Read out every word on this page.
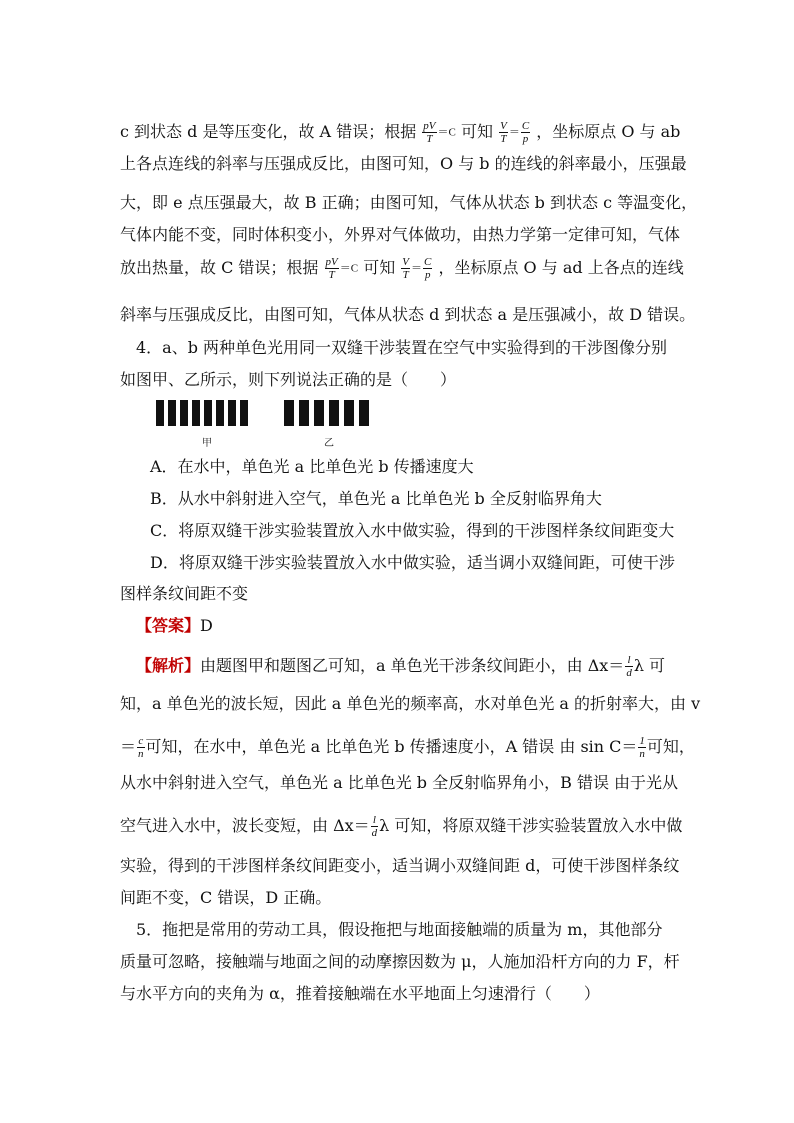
c 到状态 d 是等压变化，故 A 错误；根据 $\frac{pV}{T} =C$ 可知 $\frac{V}{T} = \frac{C}{p}$ ，坐标原点 O 与 ab
上各点连线的斜率与压强成反比，由图可知，O 与 b 的连线的斜率最小，压强最
大，即 e 点压强最大，故 B 正确；由图可知，气体从状态 b 到状态 c 等温变化，
气体内能不变，同时体积变小，外界对气体做功，由热力学第一定律可知，气体
放出热量，故 C 错误；根据 $\frac{pV}{T} =C$ 可知 $\frac{V}{T} = \frac{C}{p}$ ，坐标原点 O 与 ad 上各点的连线
斜率与压强成反比，由图可知，气体从状态 d 到状态 a 是压强减小，故 D 错误。
4．a、b 两种单色光用同一双缝干涉装置在空气中实验得到的干涉图像分别
如图甲、乙所示，则下列说法正确的是（　　）
甲	乙
A．在水中，单色光 a 比单色光 b 传播速度大
B．从水中斜射进入空气，单色光 a 比单色光 b 全反射临界角大
C．将原双缝干涉实验装置放入水中做实验，得到的干涉图样条纹间距变大
D．将原双缝干涉实验装置放入水中做实验，适当调小双缝间距，可使干涉
图样条纹间距不变
【答案】D
【解析】由题图甲和题图乙可知，a 单色光干涉条纹间距小，由 $\Delta x= \frac{l}{d}$ λ 可
知，a 单色光的波长短，因此 a 单色光的频率高，水对单色光 a 的折射率大，由 v
＝ $\frac{c}{n}$ 可知，在水中，单色光 a 比单色光 b 传播速度小，A 错误 由 $\sin C= \frac{1}{n}$ 可知，
从水中斜射进入空气，单色光 a 比单色光 b 全反射临界角小，B 错误 由于光从
空气进入水中，波长变短，由 $\Delta x= \frac{l}{d}$ λ 可知，将原双缝干涉实验装置放入水中做
实验，得到的干涉图样条纹间距变小，适当调小双缝间距 d，可使干涉图样条纹
间距不变，C 错误，D 正确。
5．拖把是常用的劳动工具，假设拖把与地面接触端的质量为 m，其他部分
质量可忽略，接触端与地面之间的动摩擦因数为 μ，人施加沿杆方向的力 F，杆
与水平方向的夹角为 α，推着接触端在水平地面上匀速滑行（　　）
